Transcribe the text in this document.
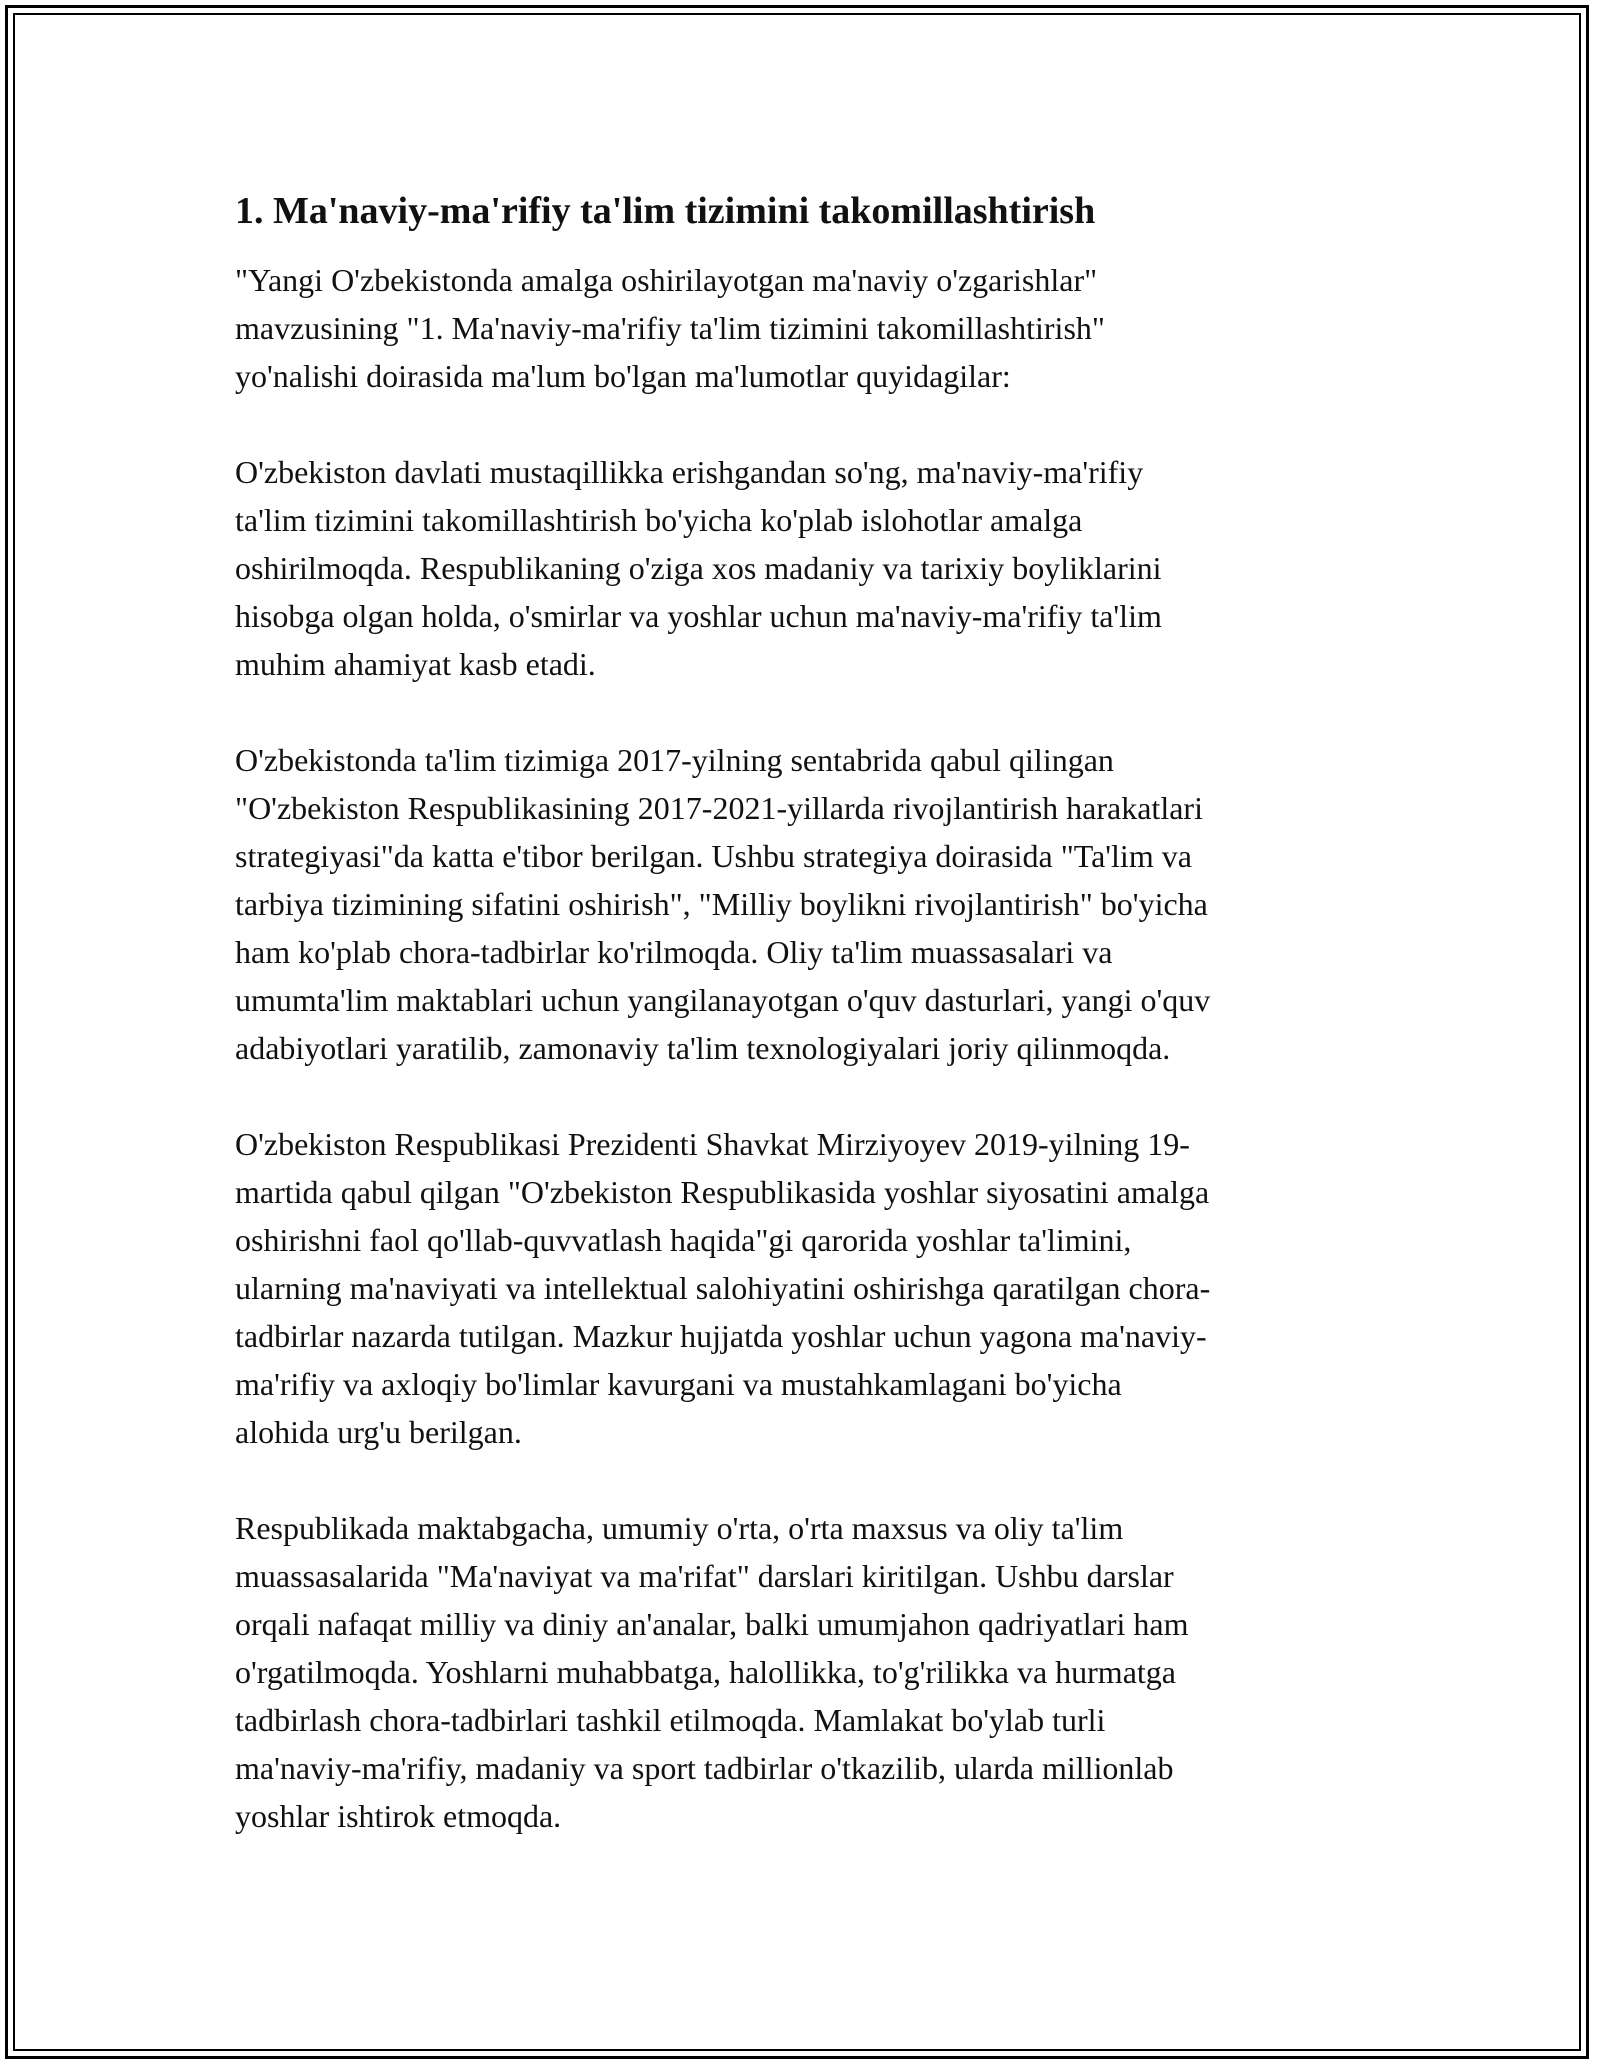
1. Ma'naviy-ma'rifiy ta'lim tizimini takomillashtirish

"Yangi O'zbekistonda amalga oshirilayotgan ma'naviy o'zgarishlar"
mavzusining "1. Ma'naviy-ma'rifiy ta'lim tizimini takomillashtirish"
yo'nalishi doirasida ma'lum bo'lgan ma'lumotlar quyidagilar:

O'zbekiston davlati mustaqillikka erishgandan so'ng, ma'naviy-ma'rifiy
ta'lim tizimini takomillashtirish bo'yicha ko'plab islohotlar amalga
oshirilmoqda. Respublikaning o'ziga xos madaniy va tarixiy boyliklarini
hisobga olgan holda, o'smirlar va yoshlar uchun ma'naviy-ma'rifiy ta'lim
muhim ahamiyat kasb etadi.

O'zbekistonda ta'lim tizimiga 2017-yilning sentabrida qabul qilingan
"O'zbekiston Respublikasining 2017-2021-yillarda rivojlantirish harakatlari
strategiyasi"da katta e'tibor berilgan. Ushbu strategiya doirasida "Ta'lim va
tarbiya tizimining sifatini oshirish", "Milliy boylikni rivojlantirish" bo'yicha
ham ko'plab chora-tadbirlar ko'rilmoqda. Oliy ta'lim muassasalari va
umumta'lim maktablari uchun yangilanayotgan o'quv dasturlari, yangi o'quv
adabiyotlari yaratilib, zamonaviy ta'lim texnologiyalari joriy qilinmoqda.

O'zbekiston Respublikasi Prezidenti Shavkat Mirziyoyev 2019-yilning 19-
martida qabul qilgan "O'zbekiston Respublikasida yoshlar siyosatini amalga
oshirishni faol qo'llab-quvvatlash haqida"gi qarorida yoshlar ta'limini,
ularning ma'naviyati va intellektual salohiyatini oshirishga qaratilgan chora-
tadbirlar nazarda tutilgan. Mazkur hujjatda yoshlar uchun yagona ma'naviy-
ma'rifiy va axloqiy bo'limlar kavurgani va mustahkamlagani bo'yicha
alohida urg'u berilgan.

Respublikada maktabgacha, umumiy o'rta, o'rta maxsus va oliy ta'lim
muassasalarida "Ma'naviyat va ma'rifat" darslari kiritilgan. Ushbu darslar
orqali nafaqat milliy va diniy an'analar, balki umumjahon qadriyatlari ham
o'rgatilmoqda. Yoshlarni muhabbatga, halollikka, to'g'rilikka va hurmatga
tadbirlash chora-tadbirlari tashkil etilmoqda. Mamlakat bo'ylab turli
ma'naviy-ma'rifiy, madaniy va sport tadbirlar o'tkazilib, ularda millionlab
yoshlar ishtirok etmoqda.
